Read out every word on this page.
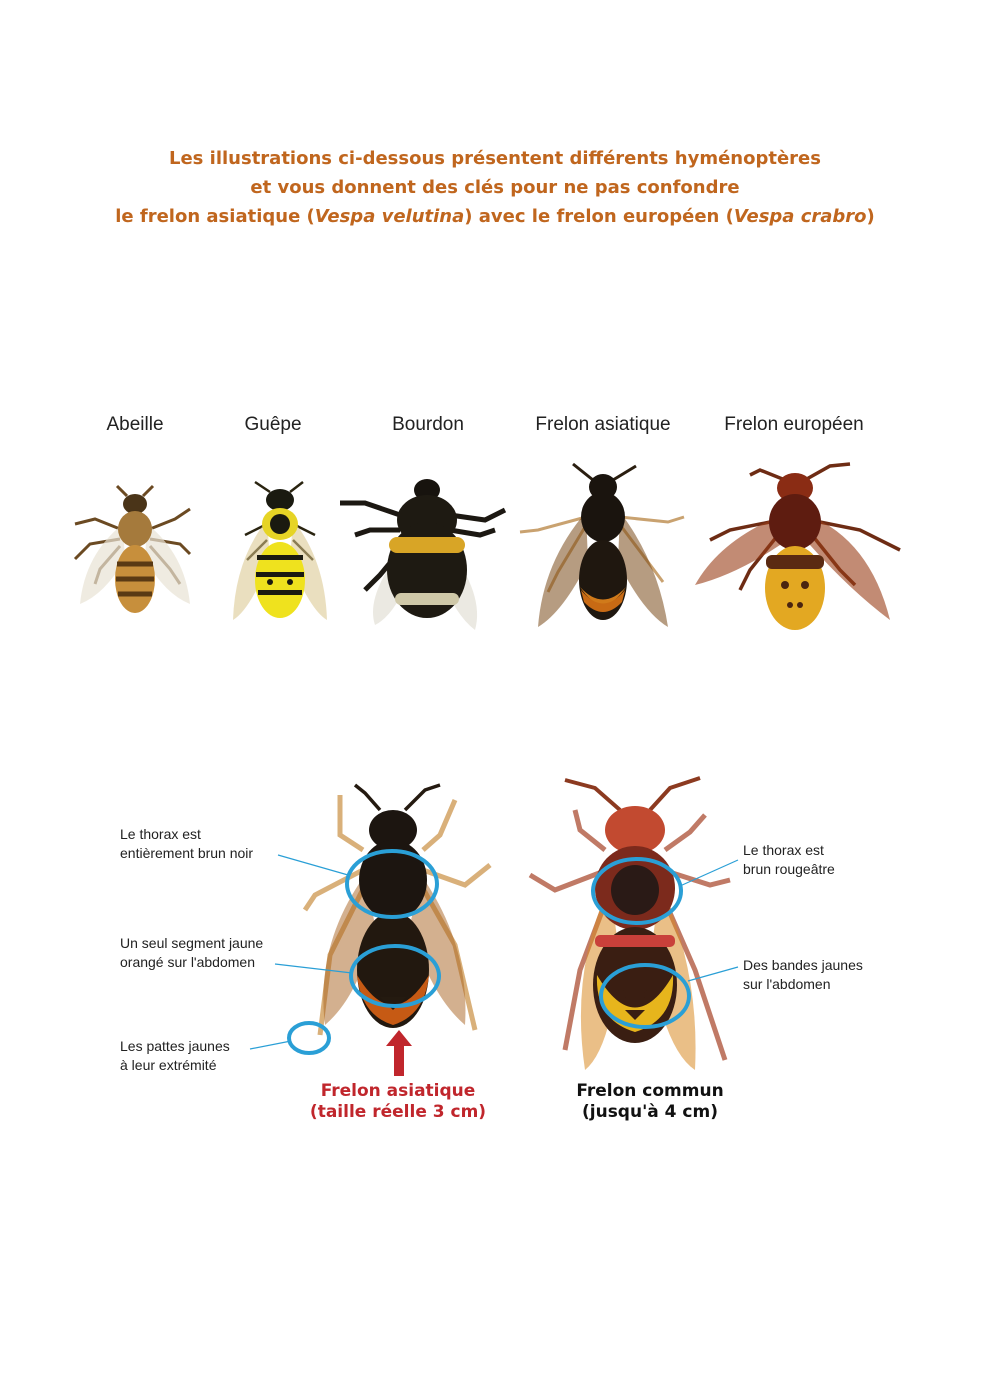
Les illustrations ci-dessous présentent différents hyménoptères
et vous donnent des clés pour ne pas confondre
le frelon asiatique (Vespa velutina) avec le frelon européen (Vespa crabro)
Abeille	Guêpe	Bourdon	Frelon asiatique	Frelon européen
Le thorax est
entièrement brun noir
Un seul segment jaune
orangé sur l'abdomen
Les pattes jaunes
à leur extrémité
Le thorax est
brun rougeâtre
Des bandes jaunes
sur l'abdomen
Frelon asiatique
(taille réelle 3 cm)
Frelon commun
(jusqu'à 4 cm)
